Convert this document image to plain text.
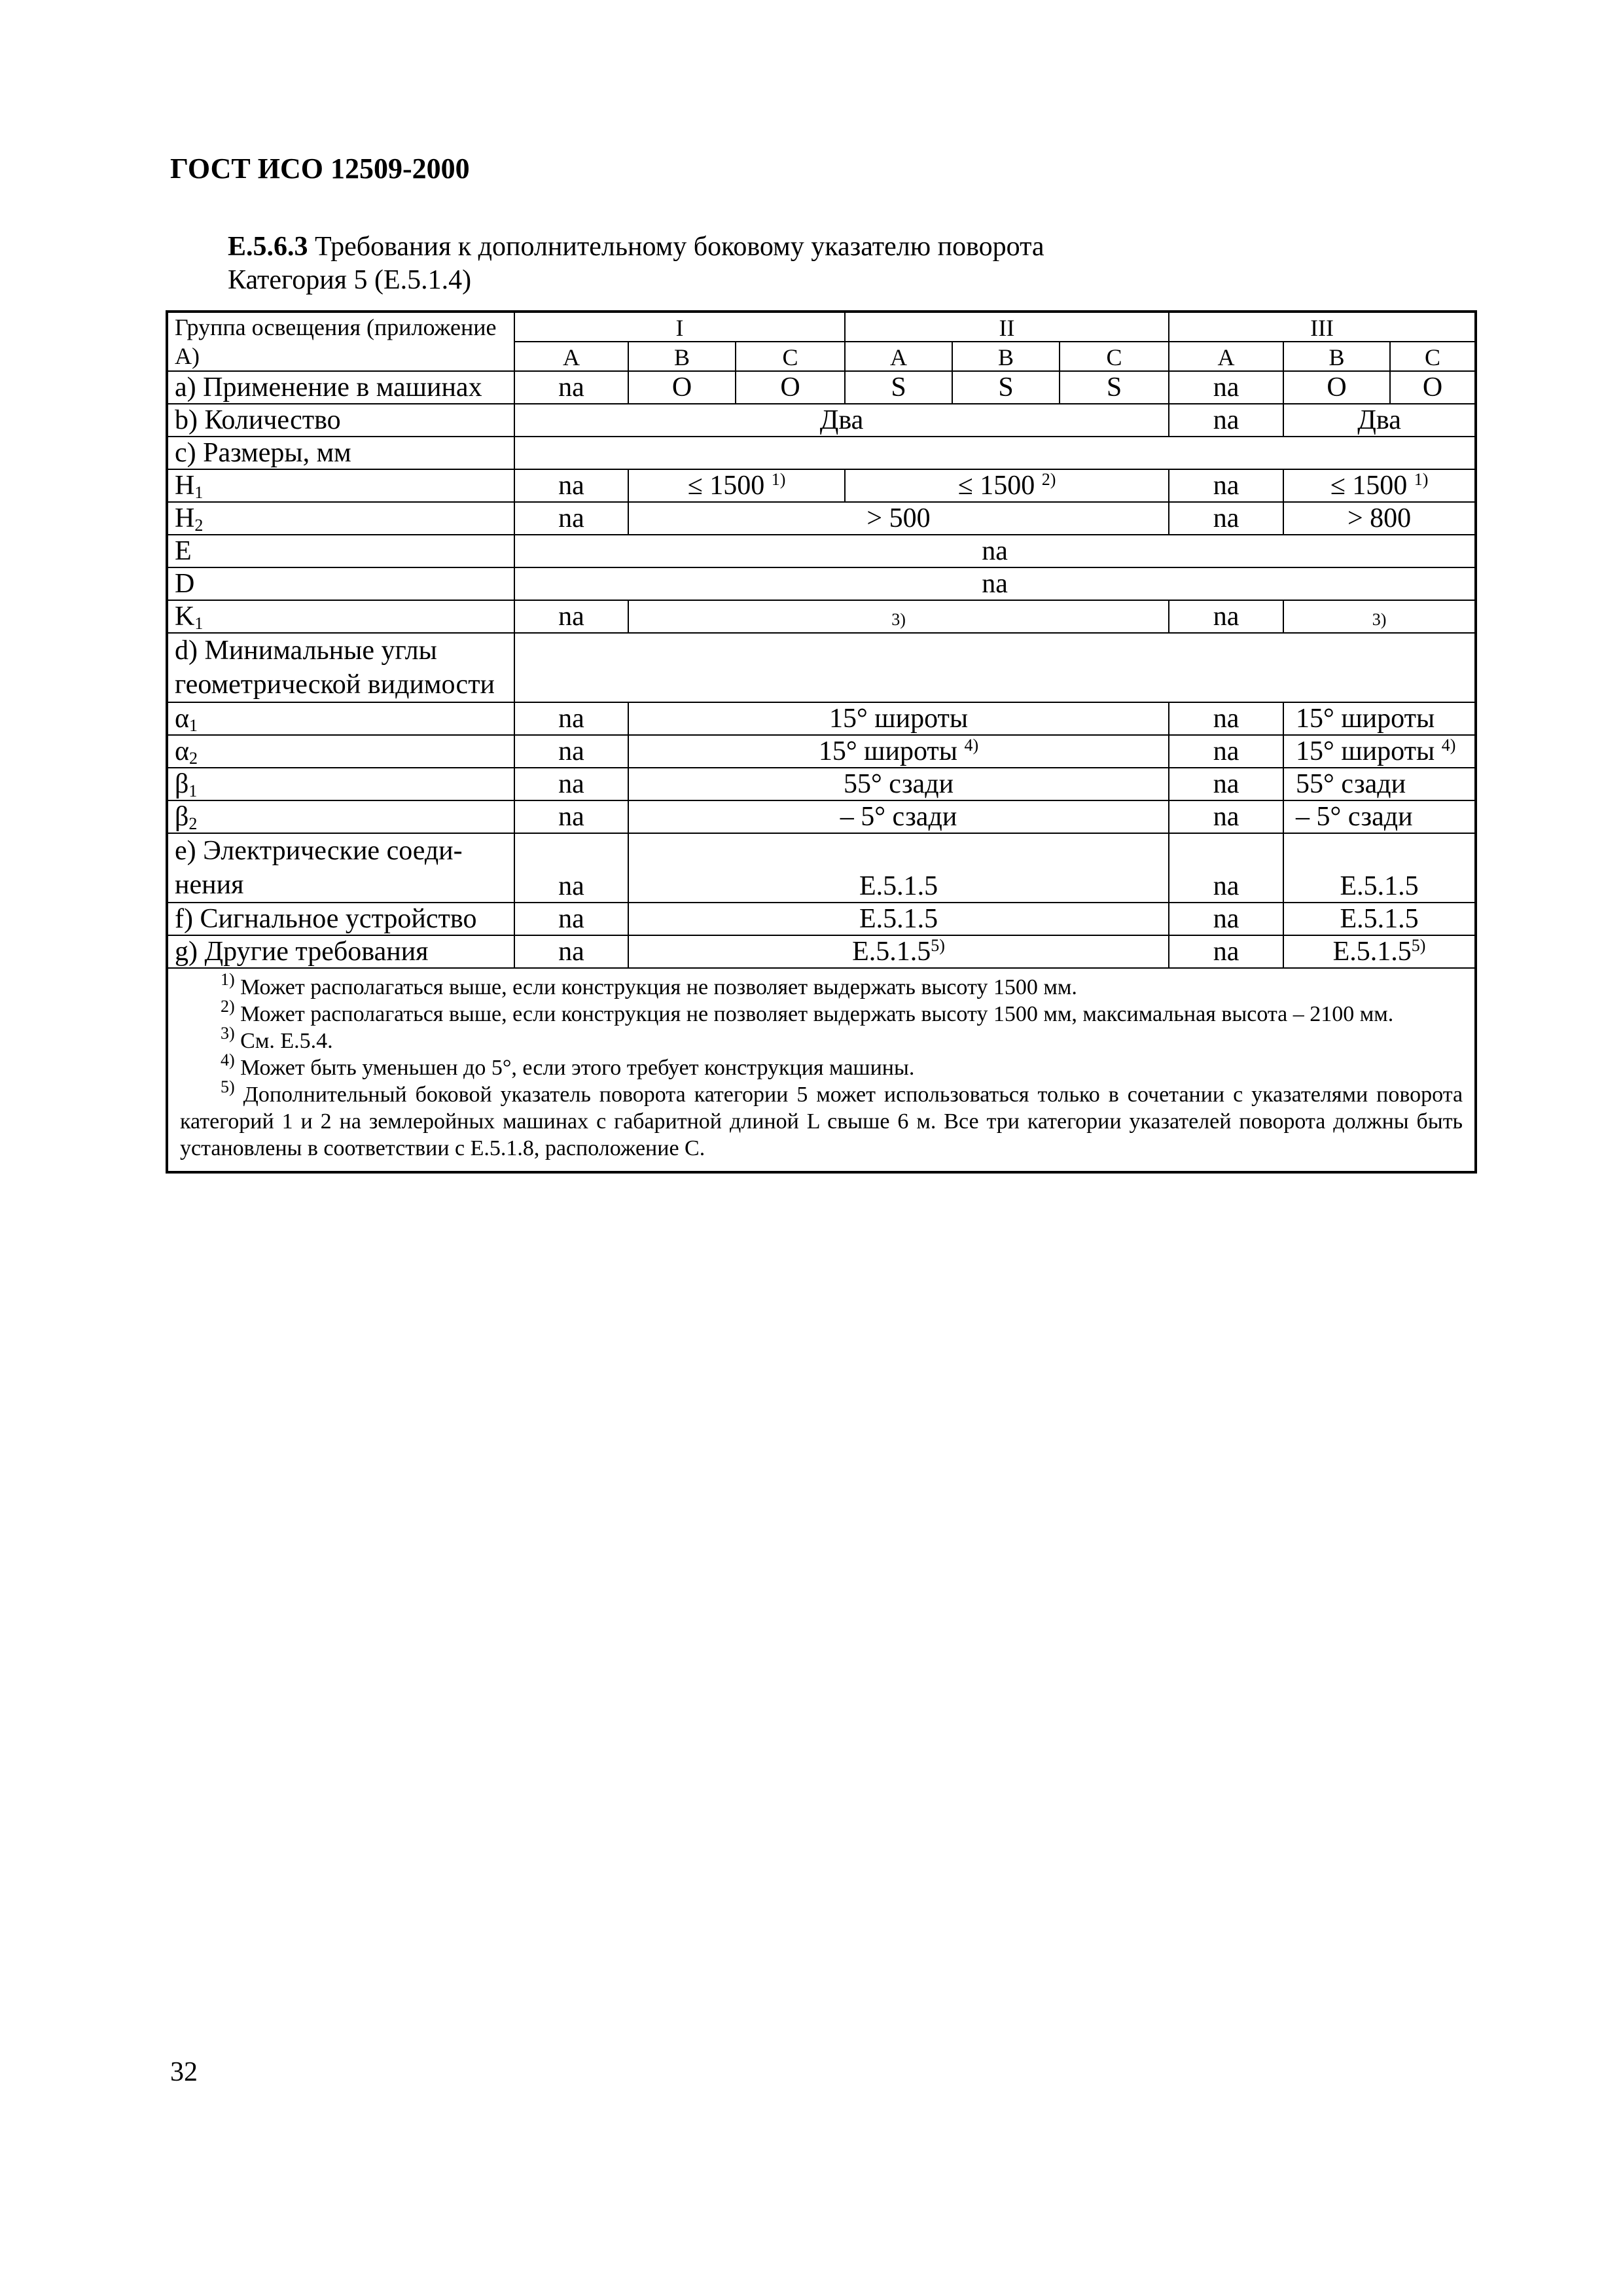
ГОСТ ИСО 12509-2000
E.5.6.3 Требования к дополнительному боковому указателю поворота
Категория 5 (E.5.1.4)
Группа освещения (приложение А)	I			II			III		
	A	B	C	A	B	C	A	B	C
a) Применение в машинах	na	O	O	S	S	S	na	O	O
b) Количество	Два						na	Два	
c) Размеры, мм									
$H_1$	na	≤ 1500 $^{1)}$		≤ 1500 $^{2)}$			na	≤ 1500 $^{1)}$
$H_2$	na	> 500					na	> 800	
E	na								
D	na								
$K_1$	na	3)					na	3)	
d) Минимальные углы геометрической видимости									
$\alpha_1$	na	15° широты					na	15° широты	
$\alpha_2$	na	15° широты $^{4)}$					na	15° широты $^{4)}$
$\beta_1$	na	55° сзади					na	55° сзади	
$\beta_2$	na	– 5° сзади					na	– 5° сзади	
e) Электрические соеди-нения	na	E.5.1.5					na	E.5.1.5	
f) Сигнальное устройство	na	E.5.1.5					na	E.5.1.5	
g) Другие требования	na	E.5.1.5$^{5)}$					na	E.5.1.5$^{5)}$

$^{1)}$ Может располагаться выше, если конструкция не позволяет выдержать высоту 1500 мм.
$^{2)}$ Может располагаться выше, если конструкция не позволяет выдержать высоту 1500 мм, максимальная высота – 2100 мм.
$^{3)}$ См. E.5.4.
$^{4)}$ Может быть уменьшен до 5°, если этого требует конструкция машины.
$^{5)}$ Дополнительный боковой указатель поворота категории 5 может использоваться только в сочетании с указателями поворота категорий 1 и 2 на землеройных машинах с габаритной длиной L свыше 6 м. Все три категории указателей поворота должны быть установлены в соответствии с E.5.1.8, расположение C.									
32
